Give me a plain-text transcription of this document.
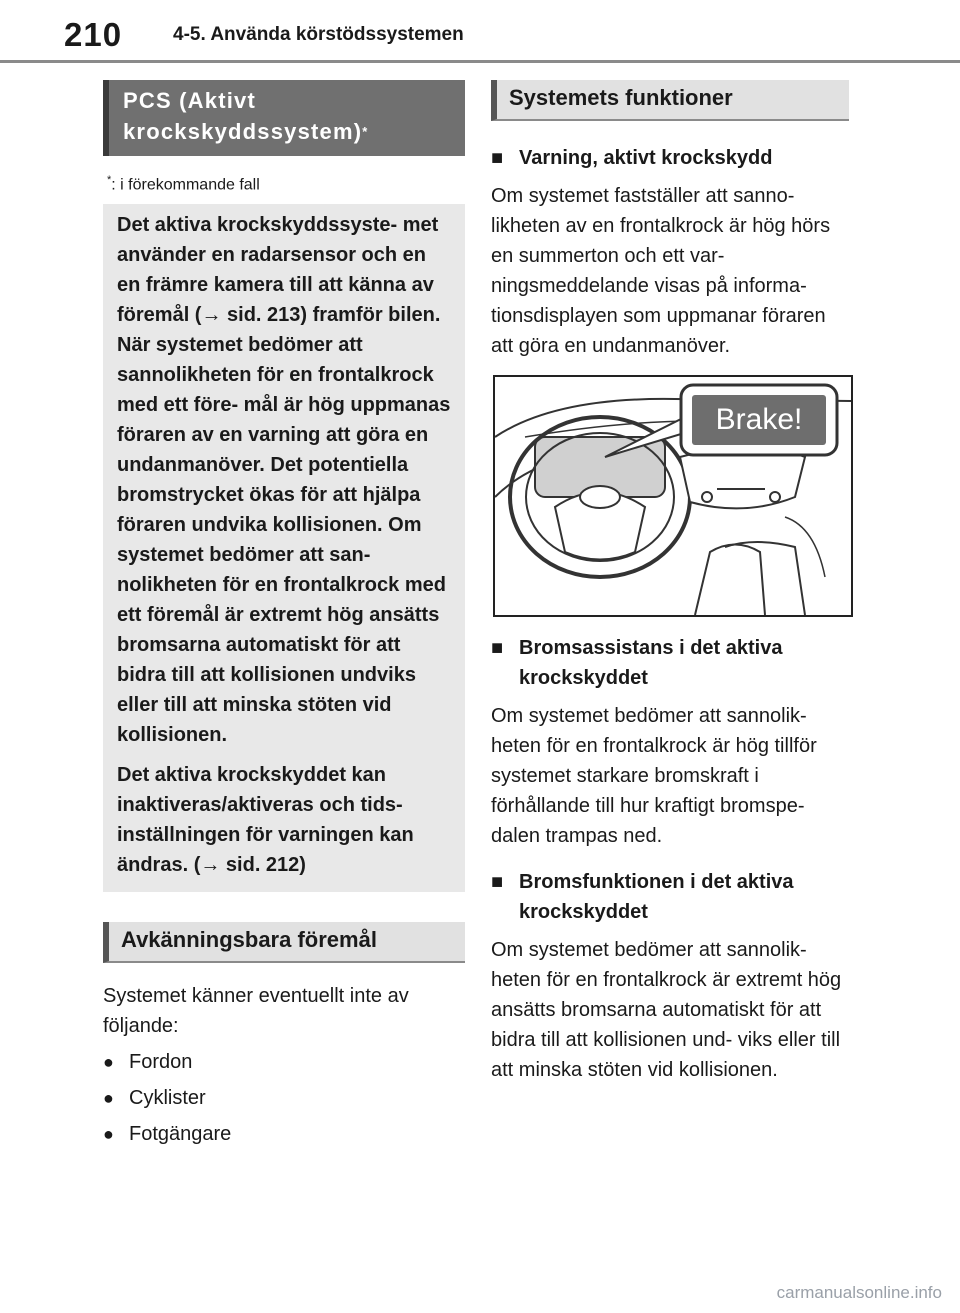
210	4-5. Använda körstödssystemen
PCS (Aktivt
krockskyddssystem)*
*: i förekommande fall

Det aktiva krockskyddssyste- met använder en radarsensor och en en främre kamera till att känna av föremål (→ sid. 213) framför bilen. När systemet bedömer att sannolikheten för en frontalkrock med ett före- mål är hög uppmanas föraren av en varning att göra en undanmanöver. Det potentiella bromstrycket ökas för att hjälpa föraren undvika kollisionen. Om systemet bedömer att san- nolikheten för en frontalkrock med ett föremål är extremt hög ansätts bromsarna automatiskt för att bidra till att kollisionen undviks eller till att minska stöten vid kollisionen.

Det aktiva krockskyddet kan inaktiveras/aktiveras och tids- inställningen för varningen kan ändras. (→ sid. 212)

Avkänningsbara föremål

Systemet känner eventuellt inte av följande:

● Fordon
● Cyklister
● Fotgängare
Systemets funktioner
■ Varning, aktivt krockskydd

Om systemet fastställer att sanno- likheten av en frontalkrock är hög hörs en summerton och ett var- ningsmeddelande visas på informa- tionsdisplayen som uppmanar föraren att göra en undanmanöver.

Brake!
■ Bromsassistans i det aktiva krockskyddet

Om systemet bedömer att sannolik- heten för en frontalkrock är hög tillför systemet starkare bromskraft i förhållande till hur kraftigt bromspe- dalen trampas ned.

■ Bromsfunktionen i det aktiva krockskyddet

Om systemet bedömer att sannolik- heten för en frontalkrock är extremt hög ansätts bromsarna automatiskt för att bidra till att kollisionen und- viks eller till att minska stöten vid kollisionen.

carmanualsonline.info
